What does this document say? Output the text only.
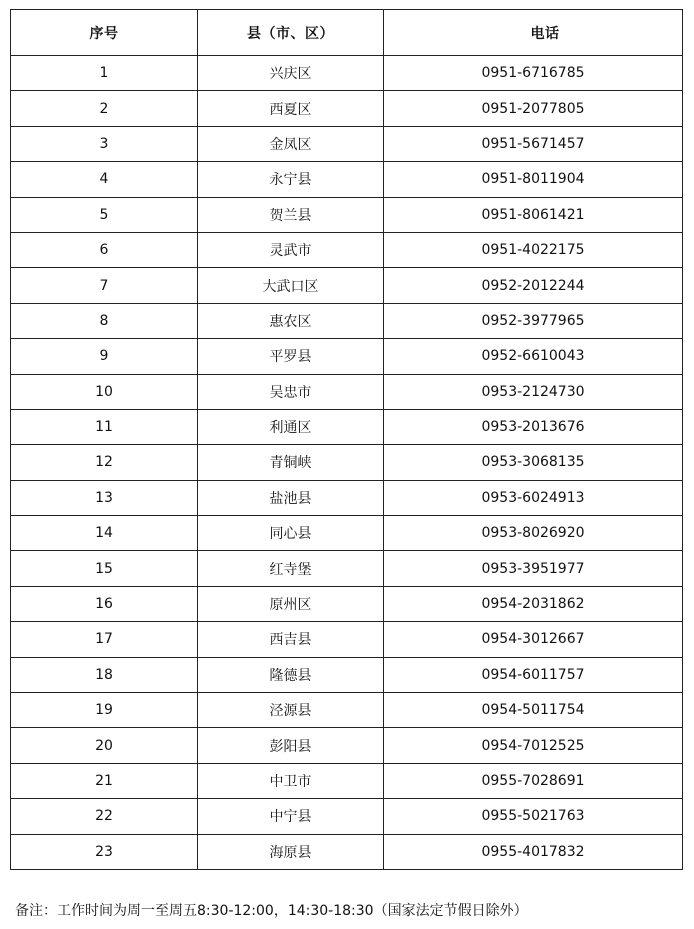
序号	县（市、区）	电话
1	兴庆区	0951-6716785
2	西夏区	0951-2077805
3	金凤区	0951-5671457
4	永宁县	0951-8011904
5	贺兰县	0951-8061421
6	灵武市	0951-4022175
7	大武口区	0952-2012244
8	惠农区	0952-3977965
9	平罗县	0952-6610043
10	吴忠市	0953-2124730
11	利通区	0953-2013676
12	青铜峡	0953-3068135
13	盐池县	0953-6024913
14	同心县	0953-8026920
15	红寺堡	0953-3951977
16	原州区	0954-2031862
17	西吉县	0954-3012667
18	隆德县	0954-6011757
19	泾源县	0954-5011754
20	彭阳县	0954-7012525
21	中卫市	0955-7028691
22	中宁县	0955-5021763
23	海原县	0955-4017832
备注：工作时间为周一至周五8:30-12:00，14:30-18:30（国家法定节假日除外）
